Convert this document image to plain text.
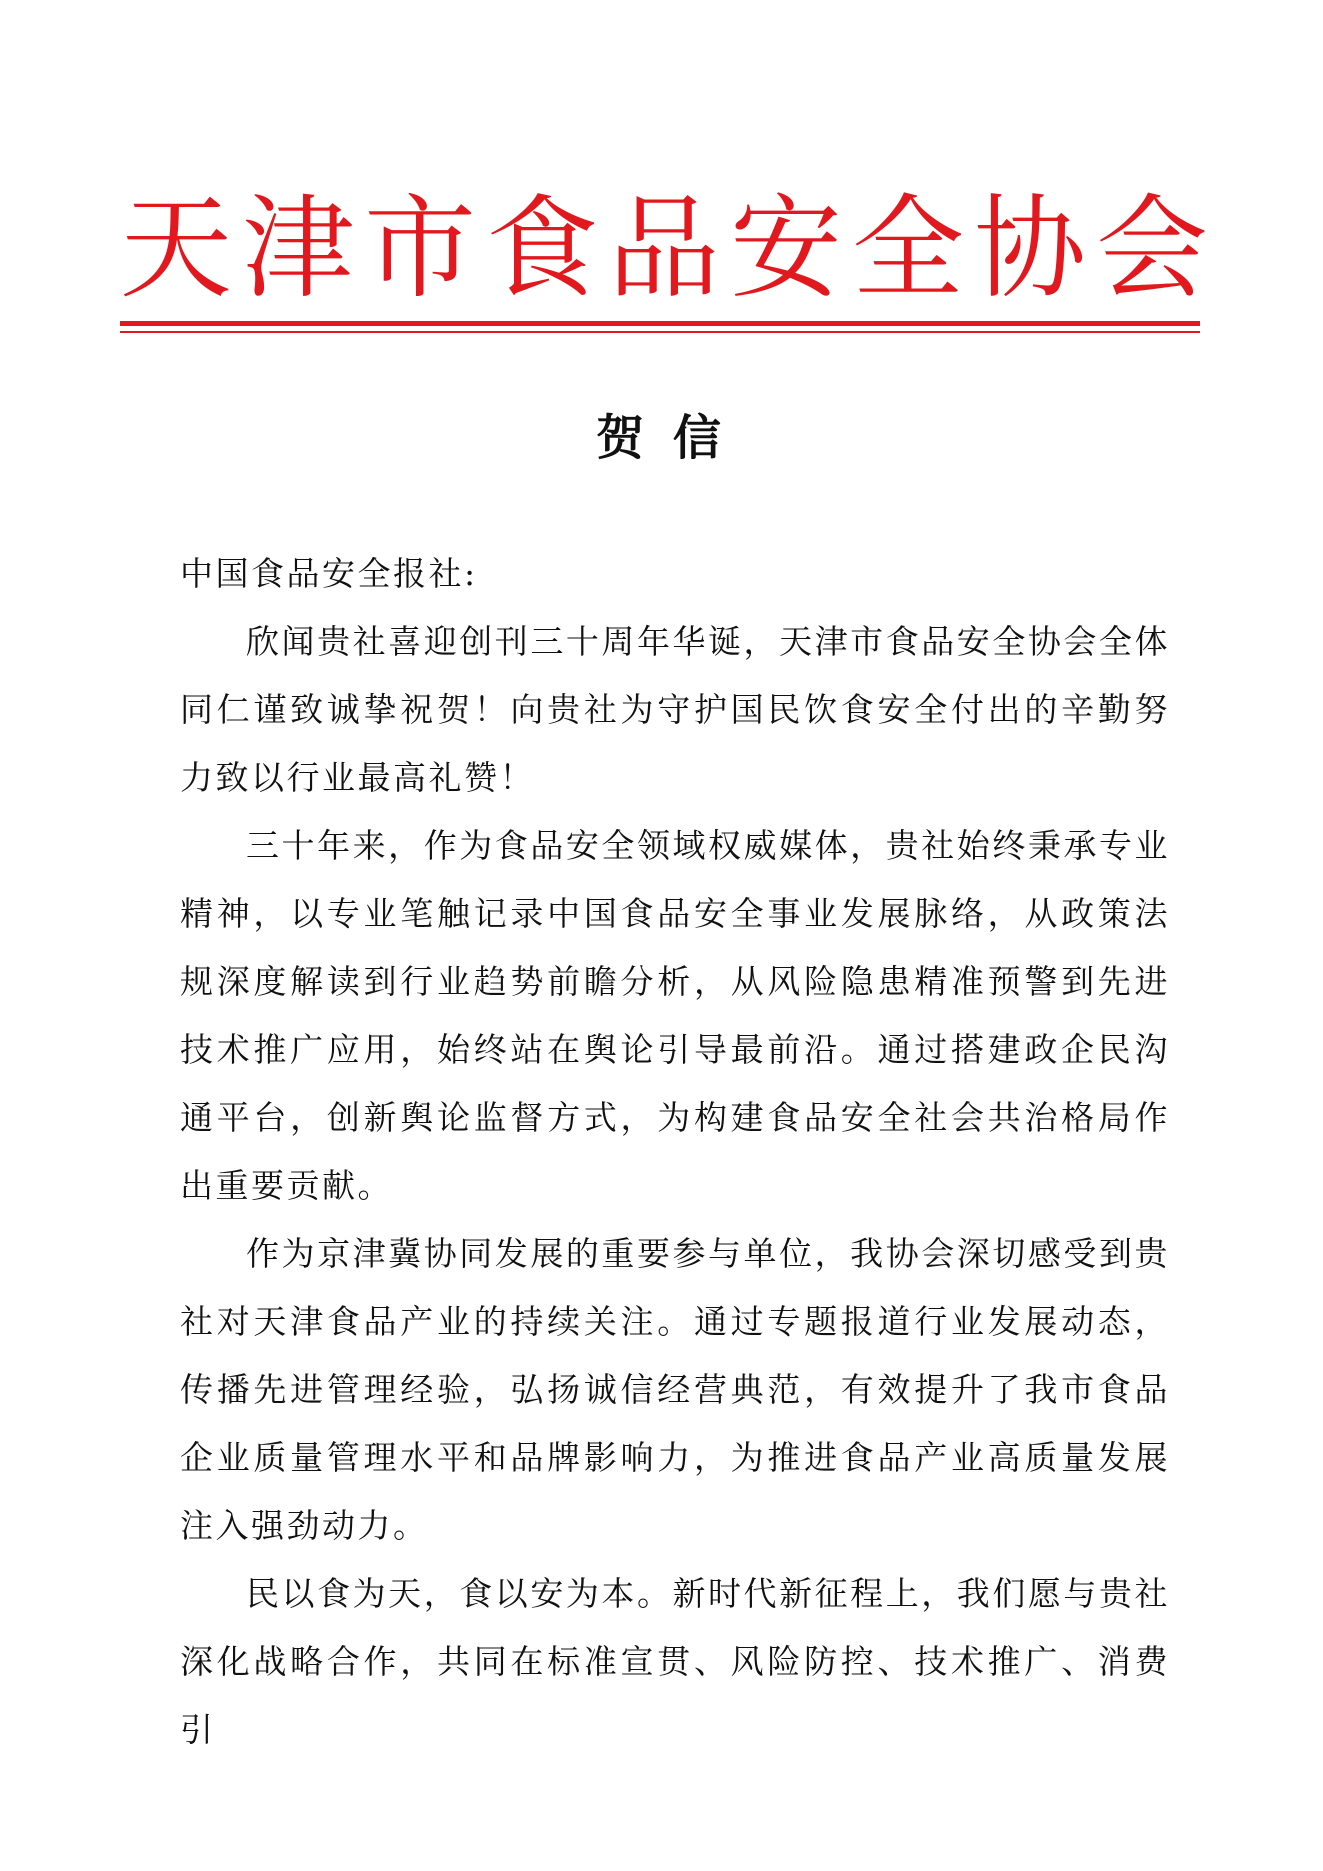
天津市食品安全协会
贺 信

中国食品安全报社:

欣闻贵社喜迎创刊三十周年华诞，天津市食品安全协会全体同仁谨致诚挚祝贺！向贵社为守护国民饮食安全付出的辛勤努力致以行业最高礼赞！

三十年来，作为食品安全领域权威媒体，贵社始终秉承专业精神，以专业笔触记录中国食品安全事业发展脉络，从政策法规深度解读到行业趋势前瞻分析，从风险隐患精准预警到先进技术推广应用，始终站在舆论引导最前沿。通过搭建政企民沟通平台，创新舆论监督方式，为构建食品安全社会共治格局作出重要贡献。

作为京津冀协同发展的重要参与单位，我协会深切感受到贵社对天津食品产业的持续关注。通过专题报道行业发展动态，传播先进管理经验，弘扬诚信经营典范，有效提升了我市食品企业质量管理水平和品牌影响力，为推进食品产业高质量发展注入强劲动力。

民以食为天，食以安为本。新时代新征程上，我们愿与贵社深化战略合作，共同在标准宣贯、风险防控、技术推广、消费引
